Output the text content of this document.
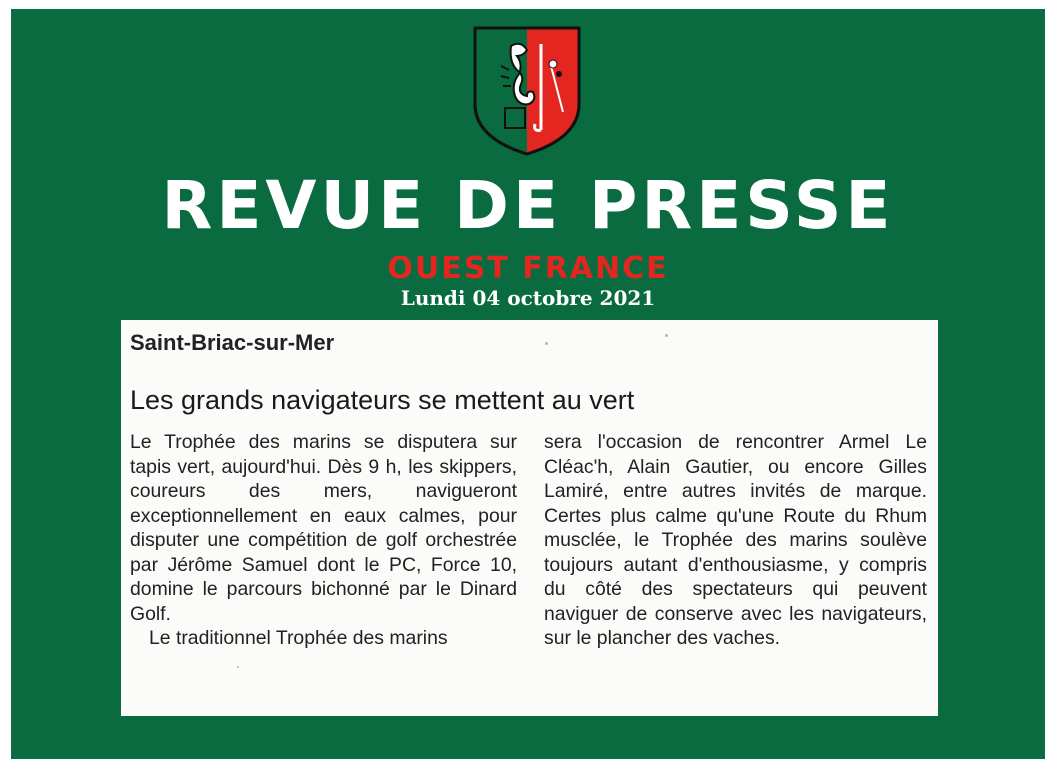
REVUE DE PRESSE
OUEST FRANCE
Lundi 04 octobre 2021
Saint-Briac-sur-Mer
Les grands navigateurs se mettent au vert

Le Trophée des marins se disputera sur tapis vert, aujourd'hui. Dès 9 h, les skippers, coureurs des mers, navigueront exceptionnellement en eaux calmes, pour disputer une compétition de golf orchestrée par Jérôme Samuel dont le PC, Force 10, domine le parcours bichonné par le Dinard Golf.

Le traditionnel Trophée des marins

sera l'occasion de rencontrer Armel Le Cléac'h, Alain Gautier, ou encore Gilles Lamiré, entre autres invités de marque. Certes plus calme qu'une Route du Rhum musclée, le Trophée des marins soulève toujours autant d'enthousiasme, y compris du côté des spectateurs qui peuvent naviguer de conserve avec les navigateurs, sur le plancher des vaches.
